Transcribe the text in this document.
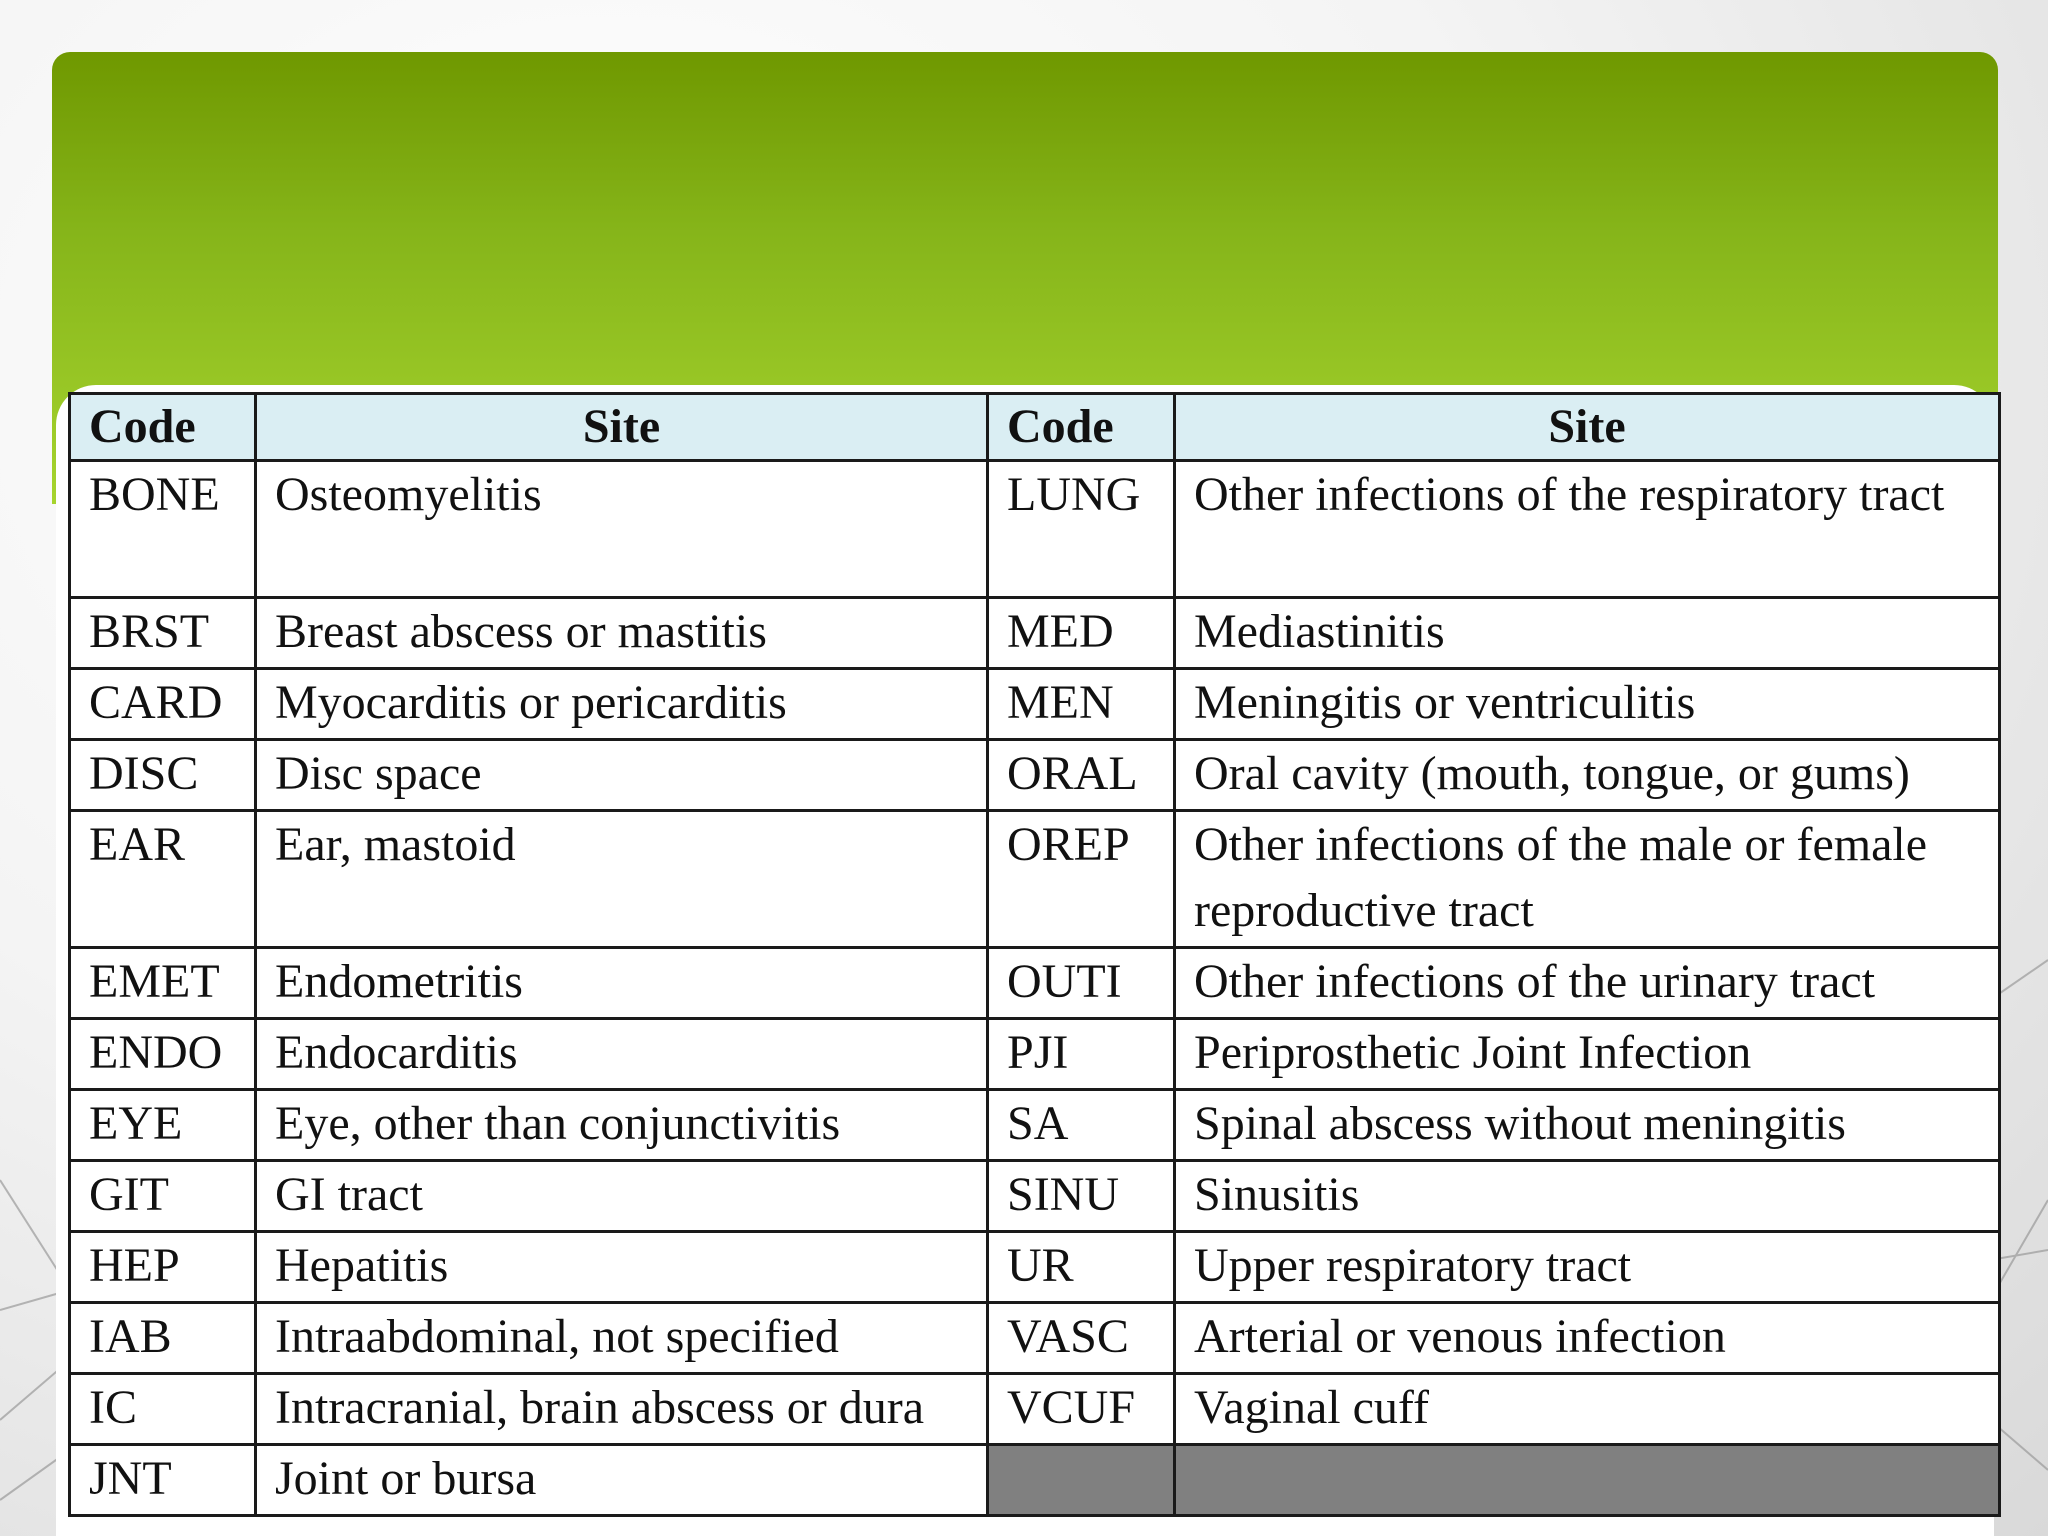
Code	Site	Code	Site
BONE	Osteomyelitis	LUNG	Other infections of the respiratory tract
BRST	Breast abscess or mastitis	MED	Mediastinitis
CARD	Myocarditis or pericarditis	MEN	Meningitis or ventriculitis
DISC	Disc space	ORAL	Oral cavity (mouth, tongue, or gums)
EAR	Ear, mastoid	OREP	Other infections of the male or female reproductive tract
EMET	Endometritis	OUTI	Other infections of the urinary tract
ENDO	Endocarditis	PJI	Periprosthetic Joint Infection
EYE	Eye, other than conjunctivitis	SA	Spinal abscess without meningitis
GIT	GI tract	SINU	Sinusitis
HEP	Hepatitis	UR	Upper respiratory tract
IAB	Intraabdominal, not specified	VASC	Arterial or venous infection
IC	Intracranial, brain abscess or dura	VCUF	Vaginal cuff
JNT	Joint or bursa		
